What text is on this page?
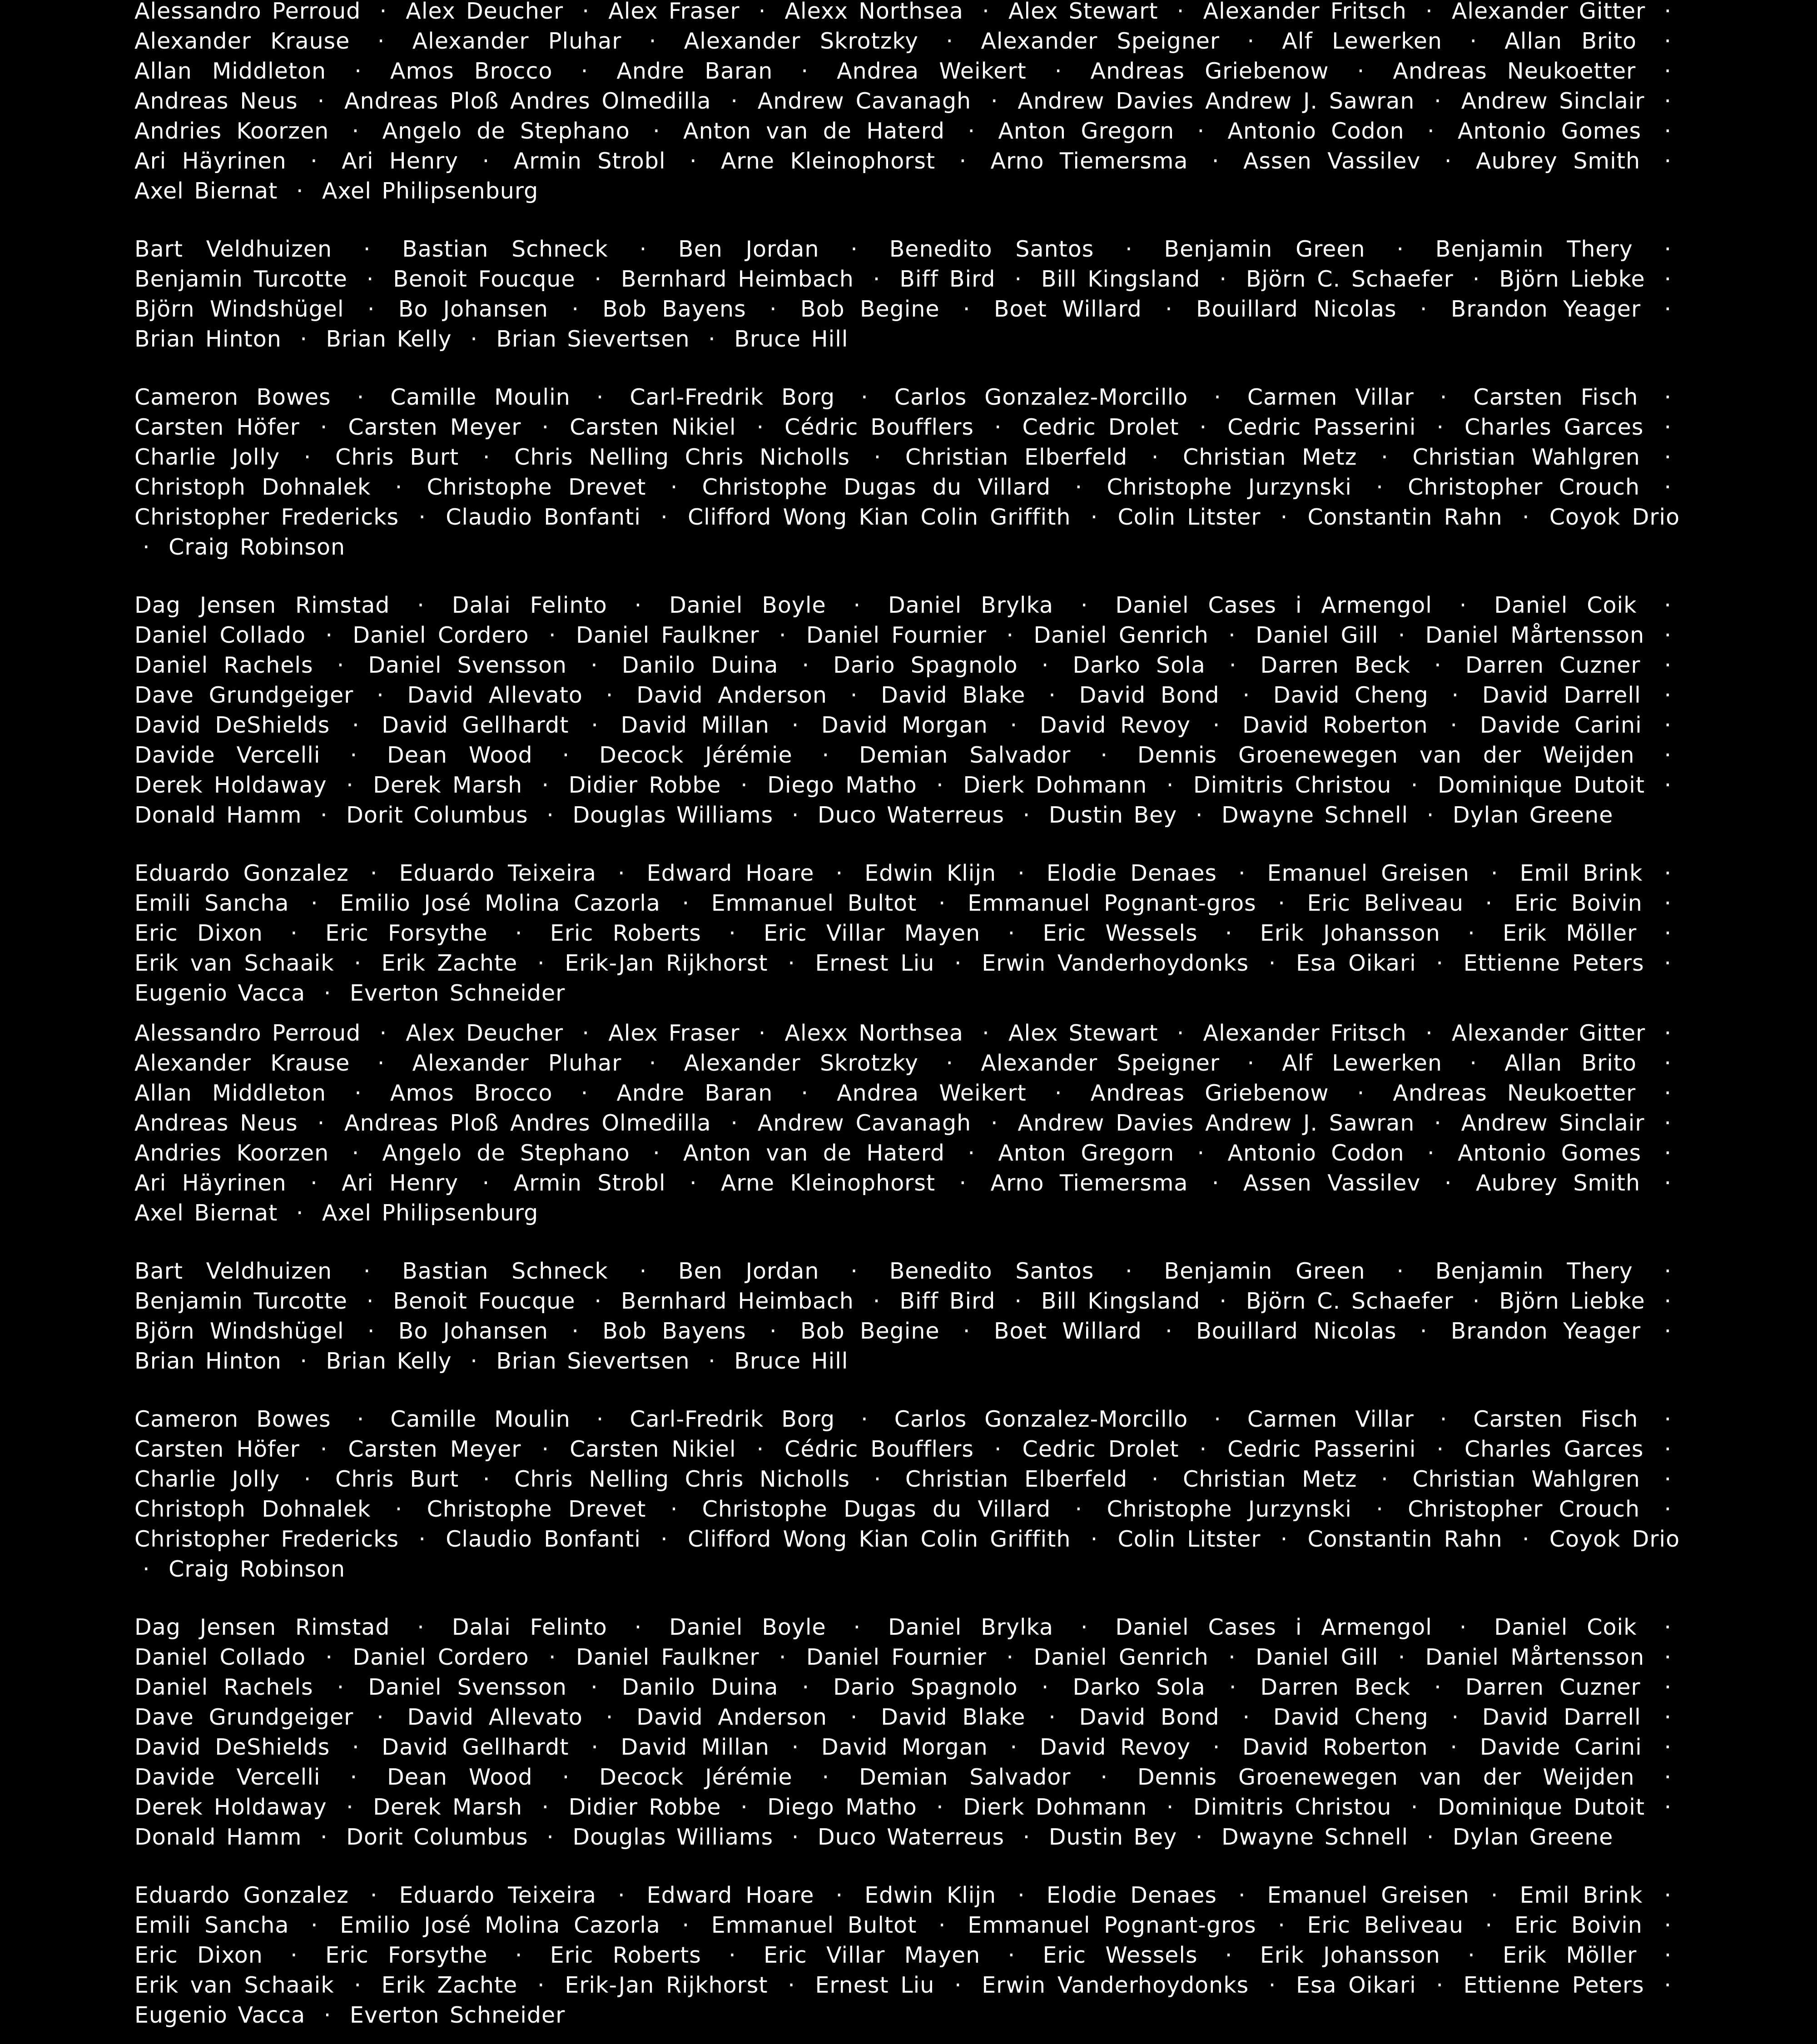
Alessandro Perroud · Alex Deucher · Alex Fraser · Alexx Northsea · Alex Stewart · Alexander Fritsch · Alexander Gitter · Alexander Krause · Alexander Pluhar · Alexander Skrotzky · Alexander Speigner · Alf Lewerken · Allan Brito · Allan Middleton · Amos Brocco · Andre Baran · Andrea Weikert · Andreas Griebenow · Andreas Neukoetter · Andreas Neus · Andreas Ploß Andres Olmedilla · Andrew Cavanagh · Andrew Davies Andrew J. Sawran · Andrew Sinclair · Andries Koorzen · Angelo de Stephano · Anton van de Haterd · Anton Gregorn · Antonio Codon · Antonio Gomes · Ari Häyrinen · Ari Henry · Armin Strobl · Arne Kleinophorst · Arno Tiemersma · Assen Vassilev · Aubrey Smith · Axel Biernat · Axel Philipsenburg

Bart Veldhuizen · Bastian Schneck · Ben Jordan · Benedito Santos · Benjamin Green · Benjamin Thery · Benjamin Turcotte · Benoit Foucque · Bernhard Heimbach · Biff Bird · Bill Kingsland · Björn C. Schaefer · Björn Liebke · Björn Windshügel · Bo Johansen · Bob Bayens · Bob Begine · Boet Willard · Bouillard Nicolas · Brandon Yeager · Brian Hinton · Brian Kelly · Brian Sievertsen · Bruce Hill

Cameron Bowes · Camille Moulin · Carl-Fredrik Borg · Carlos Gonzalez-Morcillo · Carmen Villar · Carsten Fisch · Carsten Höfer · Carsten Meyer · Carsten Nikiel · Cédric Boufflers · Cedric Drolet · Cedric Passerini · Charles Garces · Charlie Jolly · Chris Burt · Chris Nelling Chris Nicholls · Christian Elberfeld · Christian Metz · Christian Wahlgren · Christoph Dohnalek · Christophe Drevet · Christophe Dugas du Villard · Christophe Jurzynski · Christopher Crouch · Christopher Fredericks · Claudio Bonfanti · Clifford Wong Kian Colin Griffith · Colin Litster · Constantin Rahn · Coyok Drio · Craig Robinson

Dag Jensen Rimstad · Dalai Felinto · Daniel Boyle · Daniel Brylka · Daniel Cases i Armengol · Daniel Coik · Daniel Collado · Daniel Cordero · Daniel Faulkner · Daniel Fournier · Daniel Genrich · Daniel Gill · Daniel Mårtensson · Daniel Rachels · Daniel Svensson · Danilo Duina · Dario Spagnolo · Darko Sola · Darren Beck · Darren Cuzner · Dave Grundgeiger · David Allevato · David Anderson · David Blake · David Bond · David Cheng · David Darrell · David DeShields · David Gellhardt · David Millan · David Morgan · David Revoy · David Roberton · Davide Carini · Davide Vercelli · Dean Wood · Decock Jérémie · Demian Salvador · Dennis Groenewegen van der Weijden · Derek Holdaway · Derek Marsh · Didier Robbe · Diego Matho · Dierk Dohmann · Dimitris Christou · Dominique Dutoit · Donald Hamm · Dorit Columbus · Douglas Williams · Duco Waterreus · Dustin Bey · Dwayne Schnell · Dylan Greene

Eduardo Gonzalez · Eduardo Teixeira · Edward Hoare · Edwin Klijn · Elodie Denaes · Emanuel Greisen · Emil Brink · Emili Sancha · Emilio José Molina Cazorla · Emmanuel Bultot · Emmanuel Pognant-gros · Eric Beliveau · Eric Boivin · Eric Dixon · Eric Forsythe · Eric Roberts · Eric Villar Mayen · Eric Wessels · Erik Johansson · Erik Möller · Erik van Schaaik · Erik Zachte · Erik-Jan Rijkhorst · Ernest Liu · Erwin Vanderhoydonks · Esa Oikari · Ettienne Peters · Eugenio Vacca · Everton Schneider

Alessandro Perroud · Alex Deucher · Alex Fraser · Alexx Northsea · Alex Stewart · Alexander Fritsch · Alexander Gitter · Alexander Krause · Alexander Pluhar · Alexander Skrotzky · Alexander Speigner · Alf Lewerken · Allan Brito · Allan Middleton · Amos Brocco · Andre Baran · Andrea Weikert · Andreas Griebenow · Andreas Neukoetter · Andreas Neus · Andreas Ploß Andres Olmedilla · Andrew Cavanagh · Andrew Davies Andrew J. Sawran · Andrew Sinclair · Andries Koorzen · Angelo de Stephano · Anton van de Haterd · Anton Gregorn · Antonio Codon · Antonio Gomes · Ari Häyrinen · Ari Henry · Armin Strobl · Arne Kleinophorst · Arno Tiemersma · Assen Vassilev · Aubrey Smith · Axel Biernat · Axel Philipsenburg

Bart Veldhuizen · Bastian Schneck · Ben Jordan · Benedito Santos · Benjamin Green · Benjamin Thery · Benjamin Turcotte · Benoit Foucque · Bernhard Heimbach · Biff Bird · Bill Kingsland · Björn C. Schaefer · Björn Liebke · Björn Windshügel · Bo Johansen · Bob Bayens · Bob Begine · Boet Willard · Bouillard Nicolas · Brandon Yeager · Brian Hinton · Brian Kelly · Brian Sievertsen · Bruce Hill

Cameron Bowes · Camille Moulin · Carl-Fredrik Borg · Carlos Gonzalez-Morcillo · Carmen Villar · Carsten Fisch · Carsten Höfer · Carsten Meyer · Carsten Nikiel · Cédric Boufflers · Cedric Drolet · Cedric Passerini · Charles Garces · Charlie Jolly · Chris Burt · Chris Nelling Chris Nicholls · Christian Elberfeld · Christian Metz · Christian Wahlgren · Christoph Dohnalek · Christophe Drevet · Christophe Dugas du Villard · Christophe Jurzynski · Christopher Crouch · Christopher Fredericks · Claudio Bonfanti · Clifford Wong Kian Colin Griffith · Colin Litster · Constantin Rahn · Coyok Drio · Craig Robinson

Dag Jensen Rimstad · Dalai Felinto · Daniel Boyle · Daniel Brylka · Daniel Cases i Armengol · Daniel Coik · Daniel Collado · Daniel Cordero · Daniel Faulkner · Daniel Fournier · Daniel Genrich · Daniel Gill · Daniel Mårtensson · Daniel Rachels · Daniel Svensson · Danilo Duina · Dario Spagnolo · Darko Sola · Darren Beck · Darren Cuzner · Dave Grundgeiger · David Allevato · David Anderson · David Blake · David Bond · David Cheng · David Darrell · David DeShields · David Gellhardt · David Millan · David Morgan · David Revoy · David Roberton · Davide Carini · Davide Vercelli · Dean Wood · Decock Jérémie · Demian Salvador · Dennis Groenewegen van der Weijden · Derek Holdaway · Derek Marsh · Didier Robbe · Diego Matho · Dierk Dohmann · Dimitris Christou · Dominique Dutoit · Donald Hamm · Dorit Columbus · Douglas Williams · Duco Waterreus · Dustin Bey · Dwayne Schnell · Dylan Greene

Eduardo Gonzalez · Eduardo Teixeira · Edward Hoare · Edwin Klijn · Elodie Denaes · Emanuel Greisen · Emil Brink · Emili Sancha · Emilio José Molina Cazorla · Emmanuel Bultot · Emmanuel Pognant-gros · Eric Beliveau · Eric Boivin · Eric Dixon · Eric Forsythe · Eric Roberts · Eric Villar Mayen · Eric Wessels · Erik Johansson · Erik Möller · Erik van Schaaik · Erik Zachte · Erik-Jan Rijkhorst · Ernest Liu · Erwin Vanderhoydonks · Esa Oikari · Ettienne Peters · Eugenio Vacca · Everton Schneider
